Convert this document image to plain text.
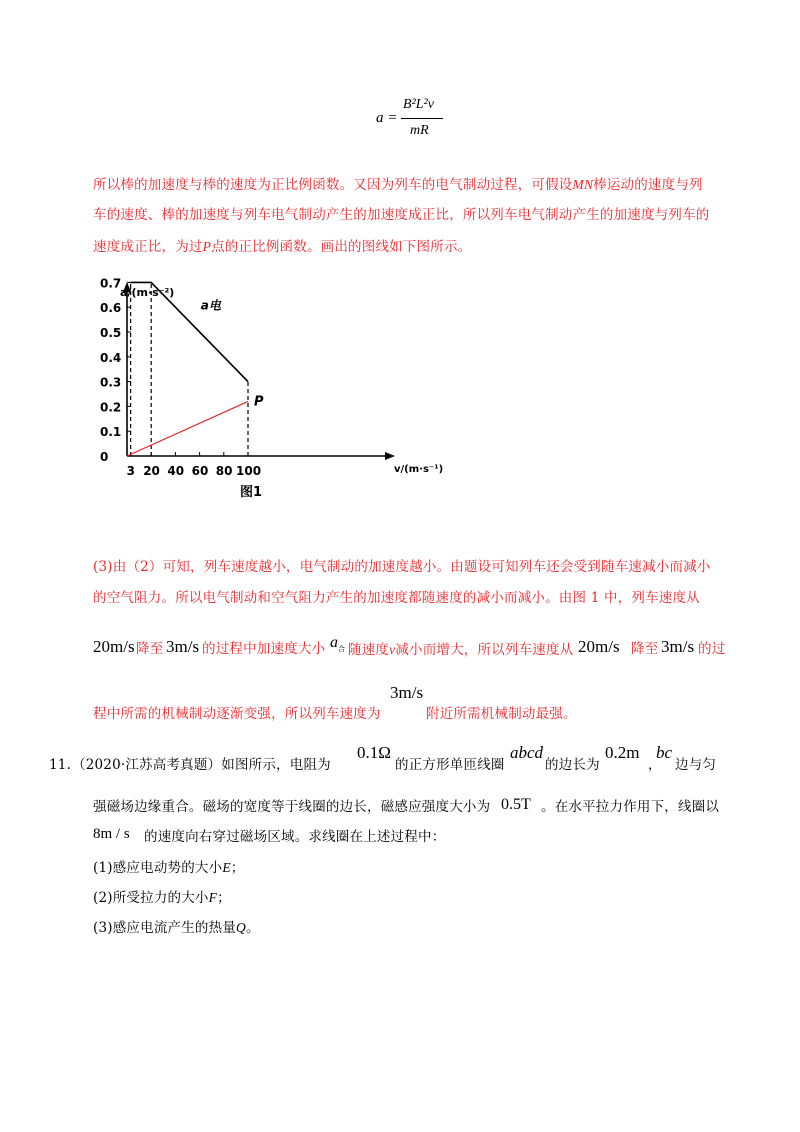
a =
B²L²v
mR
所以棒的加速度与棒的速度为正比例函数。又因为列车的电气制动过程，可假设MN棒运动的速度与列
车的速度、棒的加速度与列车电气制动产生的加速度成正比，所以列车电气制动产生的加速度与列车的
速度成正比，为过P点的正比例函数。画出的图线如下图所示。
a/(m·s⁻²)
v/(m·s⁻¹)
0
0.1
0.2
0.3
0.4
0.5
0.6
0.7
3 20 40 60 80 100
a电
P
图1
(3)由（2）可知，列车速度越小，电气制动的加速度越小。由题设可知列车还会受到随车速减小而减小
的空气阻力。所以电气制动和空气阻力产生的加速度都随速度的减小而减小。由图 1 中，列车速度从
20m/s 降至 3m/s 的过程中加速度大小 $a_合$ 随速度v减小而增大，所以列车速度从 20m/s 降至 3m/s 的过
程中所需的机械制动逐渐变强，所以列车速度为
3m/s
附近所需机械制动最强。
11. （2020·江苏高考真题）如图所示，电阻为
0.1Ω
的正方形单匝线圈
abcd
的边长为
0.2m
，
bc
边与匀
强磁场边缘重合。磁场的宽度等于线圈的边长，磁感应强度大小为 0.5T 。在水平拉力作用下，线圈以
8m / s 的速度向右穿过磁场区域。求线圈在上述过程中：
(1)感应电动势的大小E；
(2)所受拉力的大小F；
(3)感应电流产生的热量Q。
